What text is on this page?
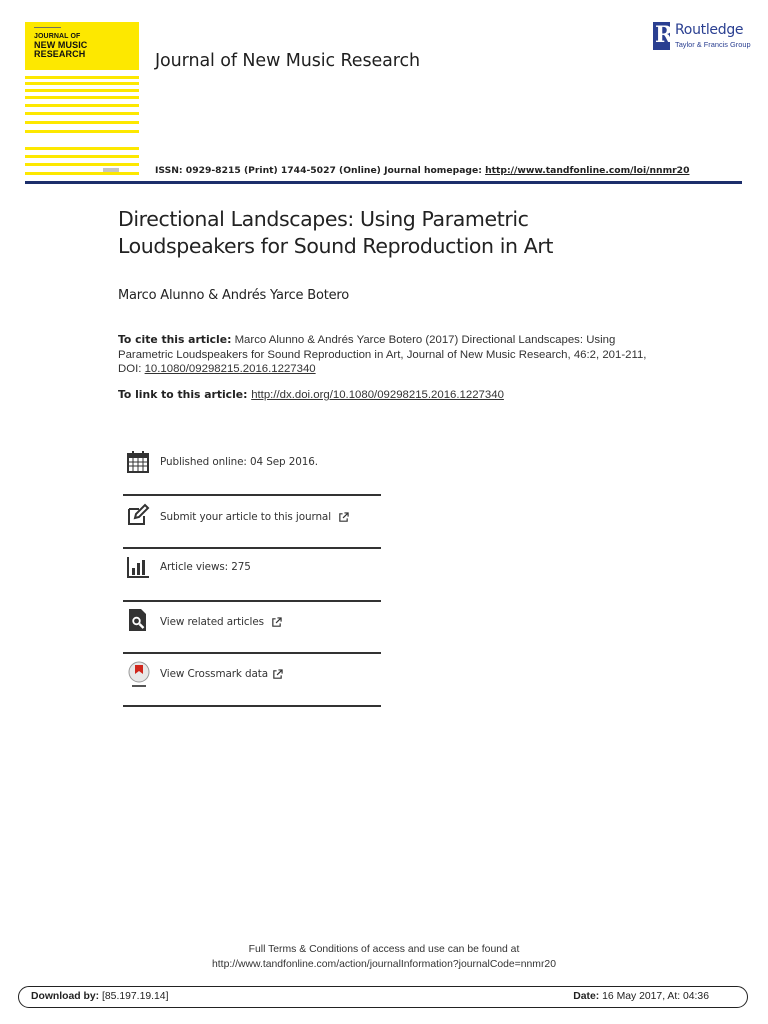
▬▬▬▬▬▬▬▬▬
JOURNAL OF
NEW MUSIC RESEARCH	Journal of New Music Research
R Routledge
Taylor & Francis Group
ISSN: 0929-8215 (Print) 1744-5027 (Online) Journal homepage: http://www.tandfonline.com/loi/nnmr20
Directional Landscapes: Using Parametric Loudspeakers for Sound Reproduction in Art
Marco Alunno & Andrés Yarce Botero
To cite this article: Marco Alunno & Andrés Yarce Botero (2017) Directional Landscapes: Using Parametric Loudspeakers for Sound Reproduction in Art, Journal of New Music Research, 46:2, 201-211, DOI: 10.1080/09298215.2016.1227340
To link to this article: http://dx.doi.org/10.1080/09298215.2016.1227340
Published online: 04 Sep 2016.
Submit your article to this journal
Article views: 275
View related articles
View Crossmark data
Full Terms & Conditions of access and use can be found at
http://www.tandfonline.com/action/journalInformation?journalCode=nnmr20
Download by: [85.197.19.14]	Date: 16 May 2017, At: 04:36
